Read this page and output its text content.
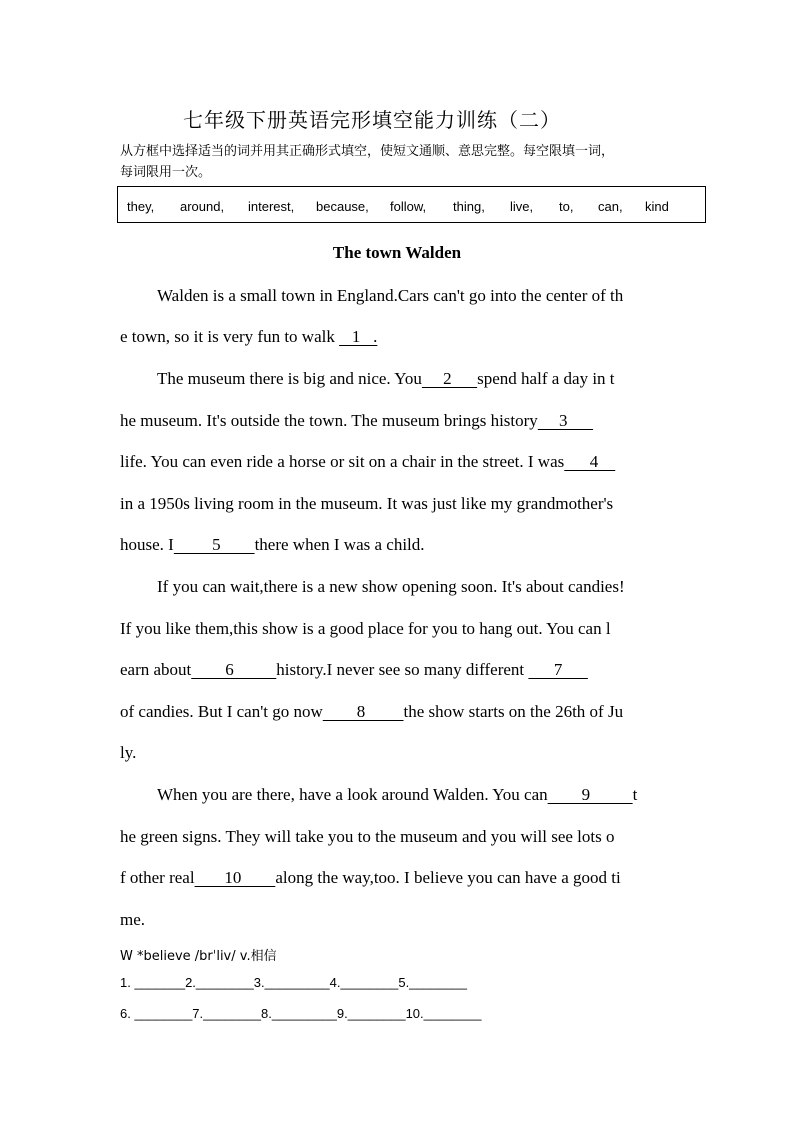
七年级下册英语完形填空能力训练（二）
从方框中选择适当的词并用其正确形式填空，使短文通顺、意思完整。每空限填一词，
每词限用一次。
they, around, interest, because, follow, thing, live, to, can, kind
The town Walden
Walden is a small town in England.Cars can't go into the center of th
e town, so it is very fun to walk    1   .
The museum there is big and nice. You     2      spend half a day in t
he museum. It's outside the town. The museum brings history     3
life. You can even ride a horse or sit on a chair in the street. I was      4
in a 1950s living room in the museum. It was just like my grandmother's
house. I         5        there when I was a child.
If you can wait,there is a new show opening soon. It's about candies!
If you like them,this show is a good place for you to hang out. You can l
earn about        6          history.I never see so many different       7
of candies. But I can't go now        8         the show starts on the 26th of Ju
ly.
When you are there, have a look around Walden. You can        9          t
he green signs. They will take you to the museum and you will see lots o
f other real       10        along the way,too. I believe you can have a good ti
me.
W *believe /brˈliv/ v.相信
1. _______2.________3._________4.________5.________
6. ________7.________8._________9.________10.________
